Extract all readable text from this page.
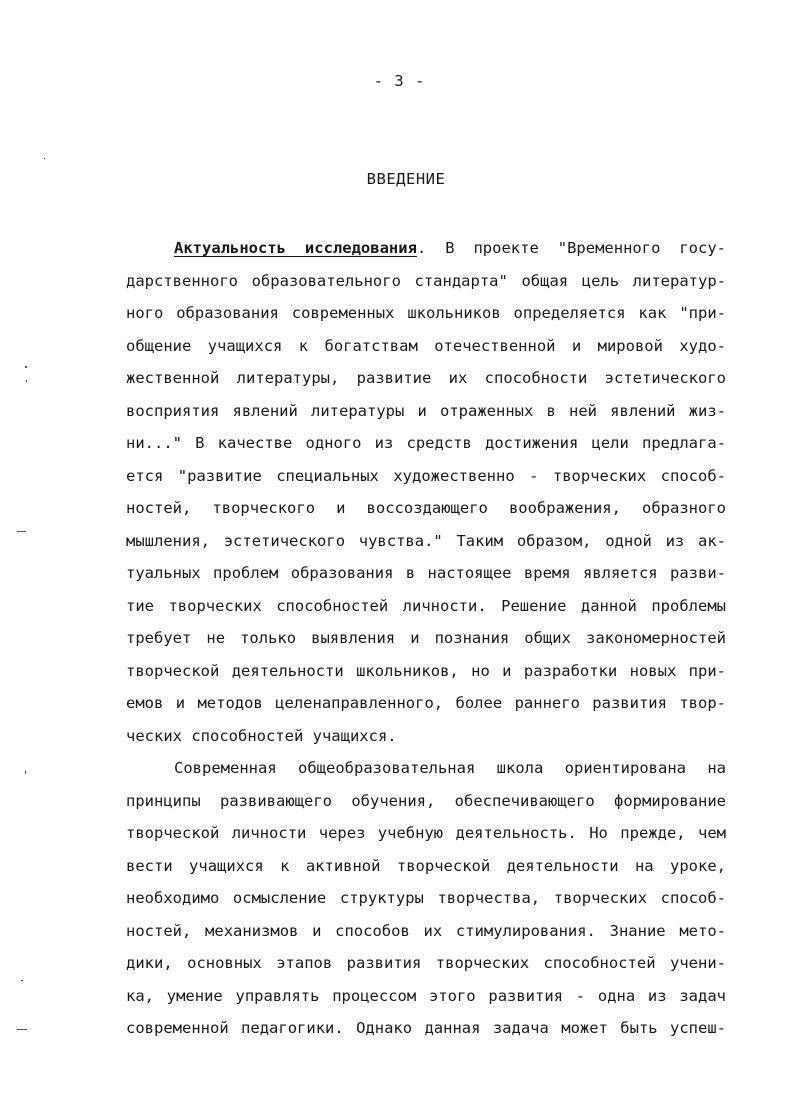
- 3 -
ВВЕДЕНИЕ
Актуальность исследования. В проекте "Временного госу-
дарственного образовательного стандарта" общая цель литератур-
ного образования современных школьников определяется как "при-
общение учащихся к богатствам отечественной и мировой худо-
жественной литературы, развитие их способности эстетического
восприятия явлений литературы и отраженных в ней явлений жиз-
ни..." В качестве одного из средств достижения цели предлага-
ется "развитие специальных художественно - творческих способ-
ностей, творческого и воссоздающего воображения, образного
мышления, эстетического чувства." Таким образом, одной из ак-
туальных проблем образования в настоящее время является разви-
тие творческих способностей личности. Решение данной проблемы
требует не только выявления и познания общих закономерностей
творческой деятельности школьников, но и разработки новых при-
емов и методов целенаправленного, более раннего развития твор-
ческих способностей учащихся.
Современная общеобразовательная школа ориентирована на
принципы развивающего обучения, обеспечивающего формирование
творческой личности через учебную деятельность. Но прежде, чем
вести учащихся к активной творческой деятельности на уроке,
необходимо осмысление структуры творчества, творческих способ-
ностей, механизмов и способов их стимулирования. Знание мето-
дики, основных этапов развития творческих способностей учени-
ка, умение управлять процессом этого развития - одна из задач
современной педагогики. Однако данная задача может быть успеш-
